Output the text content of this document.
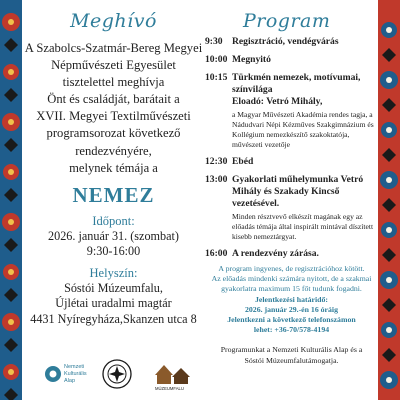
Meghívó
A Szabolcs-Szatmár-Bereg Megyei
Népművészeti Egyesület
tisztelettel meghívja
Önt és családját, barátait a
XVII. Megyei Textilművészeti
programsorozat következő
rendezvényére,
melynek témája a
NEMEZ
Időpont:
2026. január 31. (szombat)
9:30-16:00
Helyszín:
Sóstói Múzeumfalu,
Újlétai uradalmi magtár
4431 Nyíregyháza,Skanzen utca 8
Nemzeti
Kulturális
Alap
MÚZEUMFALU
Program
9:30 Regisztráció, vendégvárás
10:00 Megnyitó
10:15 Türkmén nemezek, motívumai, színvilága
Eloadó: Vetró Mihály,
a Magyar Művészeti Akadémia rendes tagja, a Nádudvari Népi Kézműves Szakgimnázium és Kollégium nemezkészítő szakoktatója, művészeti vezetője
12:30 Ebéd
13:00 Gyakorlati műhelymunka Vetró Mihály és Szakady Kincső vezetésével.
Minden résztvevő elkészít magának egy az előadás témája által inspirált mintával díszített kisebb nemeztárgyat.
16:00 A rendezvény zárása.
A program ingyenes, de regisztrációhoz kötött.
Az előadás mindenki számára nyitott, de a szakmai
gyakorlatra maximum 15 főt tudunk fogadni.
Jelentkezési határidő:
2026. január 29.-én 16 óráig
Jelentkezni a következő telefonszámon
lehet: +36-70/578-4194
Programunkat a Nemzeti Kulturális Alap és a
Sóstói Múzeumfalutámogatja.
